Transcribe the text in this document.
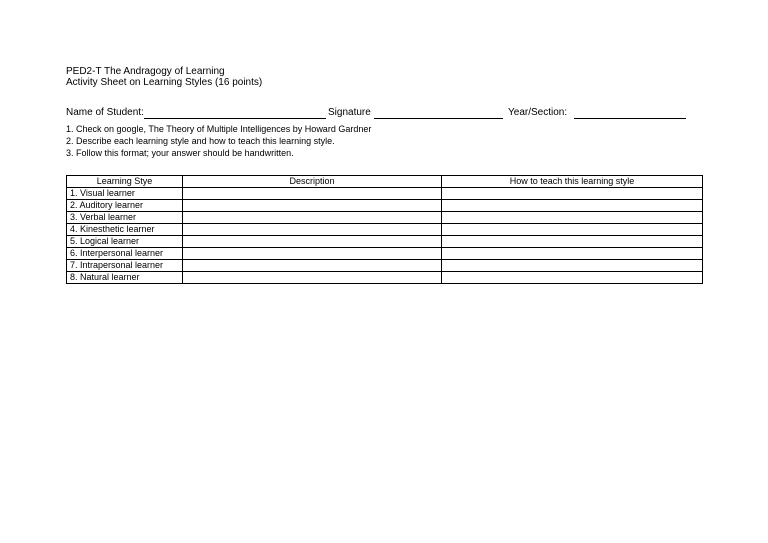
PED2-T The Andragogy of Learning
Activity Sheet on Learning Styles (16 points)
Name of Student:	Signature	Year/Section:
1. Check on google, The Theory of Multiple Intelligences by Howard Gardner
2. Describe each learning style and how to teach this learning style.
3. Follow this format; your answer should be handwritten.
Learning Stye	Description	How to teach this learning style
1. Visual learner		
2. Auditory learner		
3. Verbal learner		
4. Kinesthetic learner		
5. Logical learner		
6. Interpersonal learner		
7. Intrapersonal learner		
8. Natural learner		
